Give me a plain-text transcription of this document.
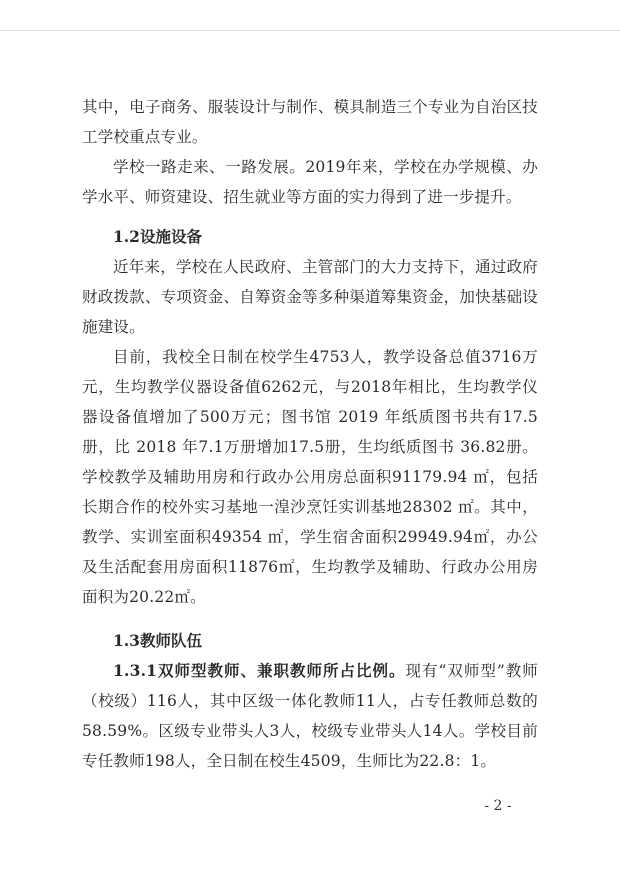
其中，电子商务、服装设计与制作、模具制造三个专业为自治区技工学校重点专业。

学校一路走来、一路发展。2019年来，学校在办学规模、办学水平、师资建设、招生就业等方面的实力得到了进一步提升。

1.2设施设备

近年来，学校在人民政府、主管部门的大力支持下，通过政府财政拨款、专项资金、自筹资金等多种渠道筹集资金，加快基础设施建设。

目前，我校全日制在校学生4753人，教学设备总值3716万元，生均教学仪器设备值6262元，与2018年相比，生均教学仪器设备值增加了500万元；图书馆 2019 年纸质图书共有17.5册，比 2018 年7.1万册增加17.5册，生均纸质图书 36.82册。学校教学及辅助用房和行政办公用房总面积91179.94 ㎡，包括长期合作的校外实习基地一湟沙烹饪实训基地28302 ㎡。其中，教学、实训室面积49354 ㎡，学生宿舍面积29949.94㎡，办公及生活配套用房面积11876㎡，生均教学及辅助、行政办公用房面积为20.22㎡。

1.3教师队伍

1.3.1双师型教师、兼职教师所占比例。现有“双师型”教师（校级）116人，其中区级一体化教师11人，占专任教师总数的58.59%。区级专业带头人3人，校级专业带头人14人。学校目前专任教师198人，全日制在校生4509，生师比为22.8：1。

- 2 -
